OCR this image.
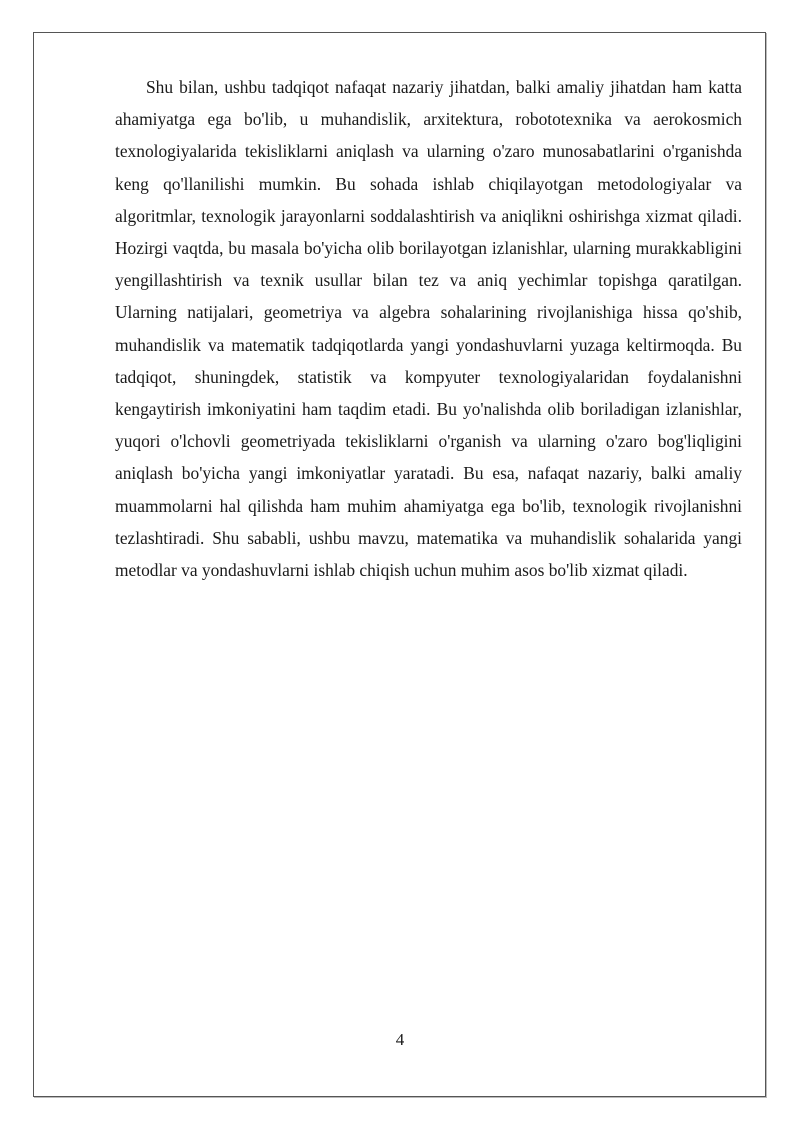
Shu bilan, ushbu tadqiqot nafaqat nazariy jihatdan, balki amaliy jihatdan ham katta ahamiyatga ega bo'lib, u muhandislik, arxitektura, robototexnika va aerokosmich texnologiyalarida tekisliklarni aniqlash va ularning o'zaro munosabatlarini o'rganishda keng qo'llanilishi mumkin. Bu sohada ishlab chiqilayotgan metodologiyalar va algoritmlar, texnologik jarayonlarni soddalashtirish va aniqlikni oshirishga xizmat qiladi. Hozirgi vaqtda, bu masala bo'yicha olib borilayotgan izlanishlar, ularning murakkabligini yengillashtirish va texnik usullar bilan tez va aniq yechimlar topishga qaratilgan. Ularning natijalari, geometriya va algebra sohalarining rivojlanishiga hissa qo'shib, muhandislik va matematik tadqiqotlarda yangi yondashuvlarni yuzaga keltirmoqda. Bu tadqiqot, shuningdek, statistik va kompyuter texnologiyalaridan foydalanishni kengaytirish imkoniyatini ham taqdim etadi. Bu yo'nalishda olib boriladigan izlanishlar, yuqori o'lchovli geometriyada tekisliklarni o'rganish va ularning o'zaro bog'liqligini aniqlash bo'yicha yangi imkoniyatlar yaratadi. Bu esa, nafaqat nazariy, balki amaliy muammolarni hal qilishda ham muhim ahamiyatga ega bo'lib, texnologik rivojlanishni tezlashtiradi. Shu sababli, ushbu mavzu, matematika va muhandislik sohalarida yangi metodlar va yondashuvlarni ishlab chiqish uchun muhim asos bo'lib xizmat qiladi.

4
